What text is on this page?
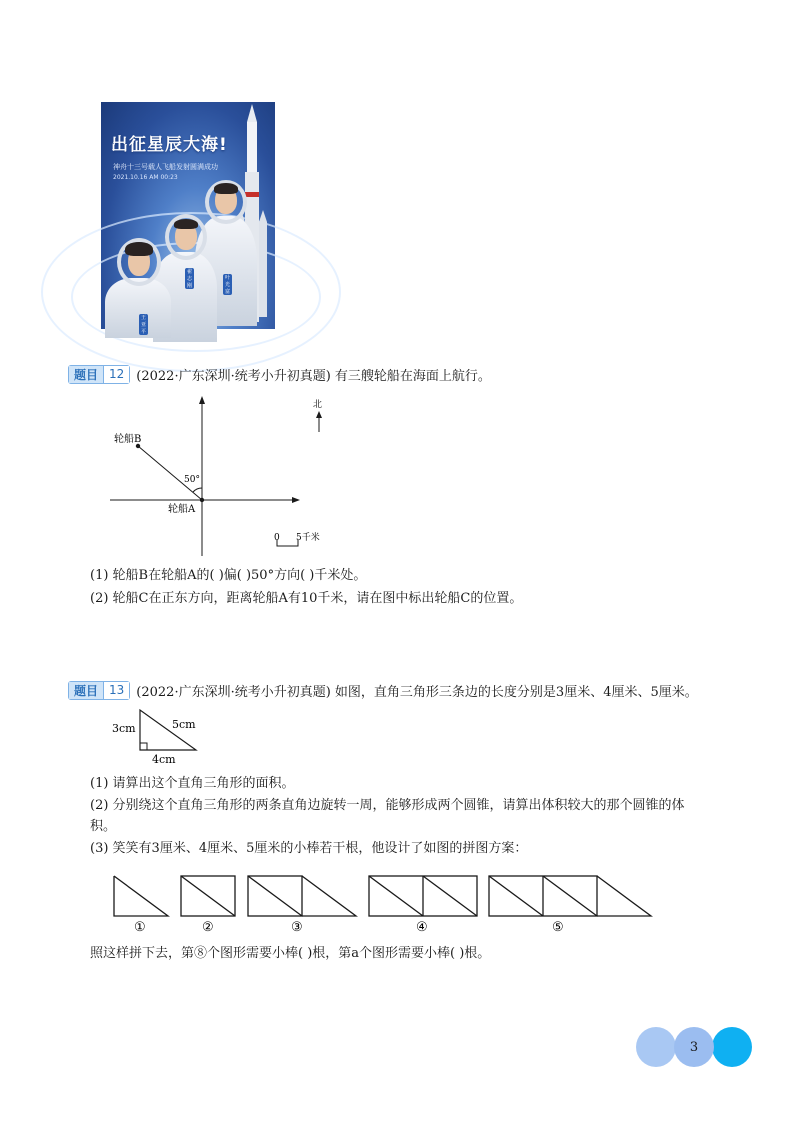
出征星辰大海!
神舟十三号载人飞船发射圆满成功
2021.10.16 AM 00:23
叶光富
翟志刚
王亚平
题目 12 (2022·广东深圳·统考小升初真题) 有三艘轮船在海面上航行。
轮船B
轮船A
50°
北
0 5千米
(1) 轮船B在轮船A的( )偏( )50°方向( )千米处。
(2) 轮船C在正东方向，距离轮船A有10千米，请在图中标出轮船C的位置。
题目 13 (2022·广东深圳·统考小升初真题) 如图，直角三角形三条边的长度分别是3厘米、4厘米、5厘米。
3cm	5cm
4cm
(1) 请算出这个直角三角形的面积。
(2) 分别绕这个直角三角形的两条直角边旋转一周，能够形成两个圆锥，请算出体积较大的那个圆锥的体
积。
(3) 笑笑有3厘米、4厘米、5厘米的小棒若干根，他设计了如图的拼图方案：
①	②	③	④	⑤
照这样拼下去，第⑧个图形需要小棒( )根，第a个图形需要小棒( )根。
3
